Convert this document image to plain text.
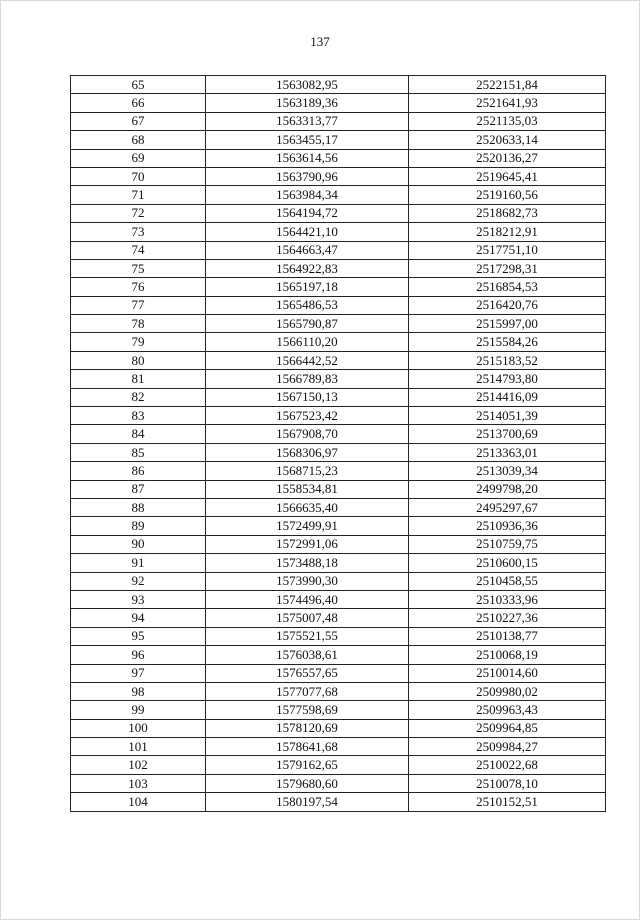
137
65	1563082,95	2522151,84
66	1563189,36	2521641,93
67	1563313,77	2521135,03
68	1563455,17	2520633,14
69	1563614,56	2520136,27
70	1563790,96	2519645,41
71	1563984,34	2519160,56
72	1564194,72	2518682,73
73	1564421,10	2518212,91
74	1564663,47	2517751,10
75	1564922,83	2517298,31
76	1565197,18	2516854,53
77	1565486,53	2516420,76
78	1565790,87	2515997,00
79	1566110,20	2515584,26
80	1566442,52	2515183,52
81	1566789,83	2514793,80
82	1567150,13	2514416,09
83	1567523,42	2514051,39
84	1567908,70	2513700,69
85	1568306,97	2513363,01
86	1568715,23	2513039,34
87	1558534,81	2499798,20
88	1566635,40	2495297,67
89	1572499,91	2510936,36
90	1572991,06	2510759,75
91	1573488,18	2510600,15
92	1573990,30	2510458,55
93	1574496,40	2510333,96
94	1575007,48	2510227,36
95	1575521,55	2510138,77
96	1576038,61	2510068,19
97	1576557,65	2510014,60
98	1577077,68	2509980,02
99	1577598,69	2509963,43
100	1578120,69	2509964,85
101	1578641,68	2509984,27
102	1579162,65	2510022,68
103	1579680,60	2510078,10
104	1580197,54	2510152,51
